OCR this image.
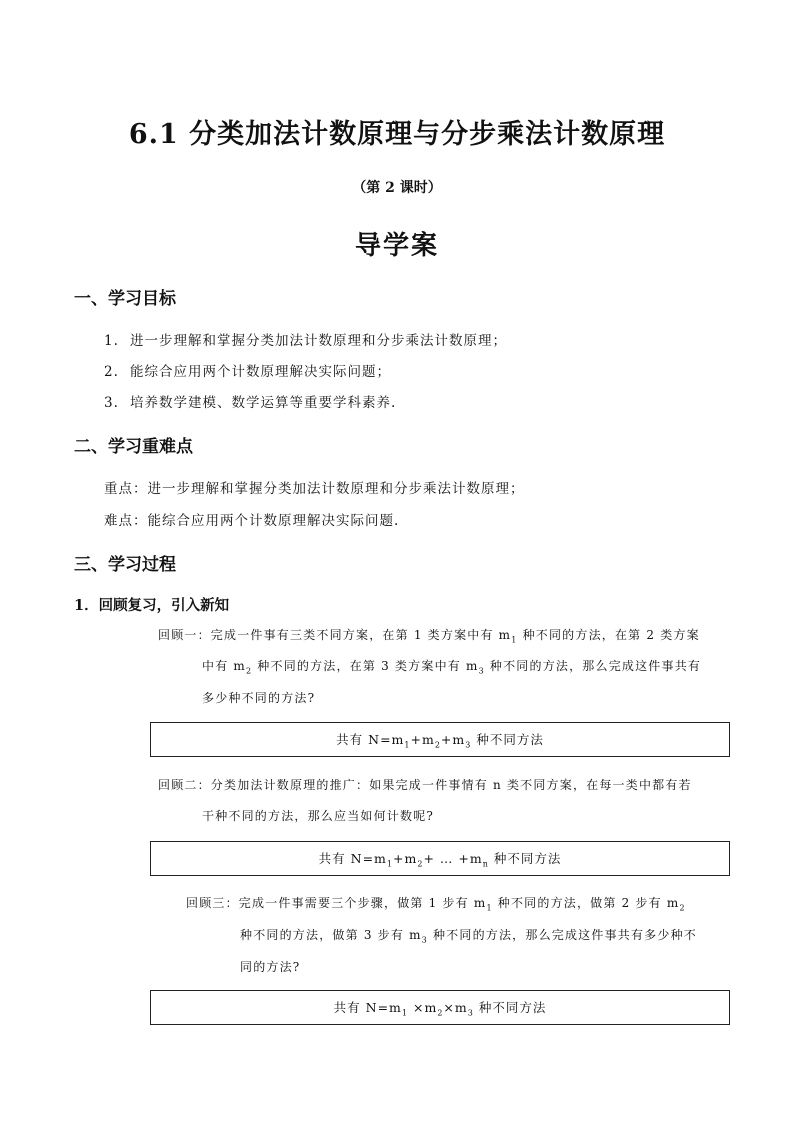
6.1 分类加法计数原理与分步乘法计数原理
（第 2 课时）
导学案
一、学习目标
1. 进一步理解和掌握分类加法计数原理和分步乘法计数原理；
2. 能综合应用两个计数原理解决实际问题；
3. 培养数学建模、数学运算等重要学科素养.
二、学习重难点
重点：进一步理解和掌握分类加法计数原理和分步乘法计数原理；
难点：能综合应用两个计数原理解决实际问题.
三、学习过程
1．回顾复习，引入新知
回顾一：完成一件事有三类不同方案，在第 1 类方案中有 $m_1$ 种不同的方法，在第 2 类方案
中有 $m_2$ 种不同的方法，在第 3 类方案中有 $m_3$ 种不同的方法，那么完成这件事共有
多少种不同的方法?
共有 $N=m_1+m_2+m_3$ 种不同方法
回顾二：分类加法计数原理的推广：如果完成一件事情有 n 类不同方案，在每一类中都有若
干种不同的方法，那么应当如何计数呢?
共有 $N=m_1+m_2+$ … $+m_n$ 种不同方法
回顾三：完成一件事需要三个步骤，做第 1 步有 $m_1$ 种不同的方法，做第 2 步有 $m_2$
种不同的方法，做第 3 步有 $m_3$ 种不同的方法，那么完成这件事共有多少种不
同的方法?
共有 $N=m_1 \times m_2\times m_3$ 种不同方法
